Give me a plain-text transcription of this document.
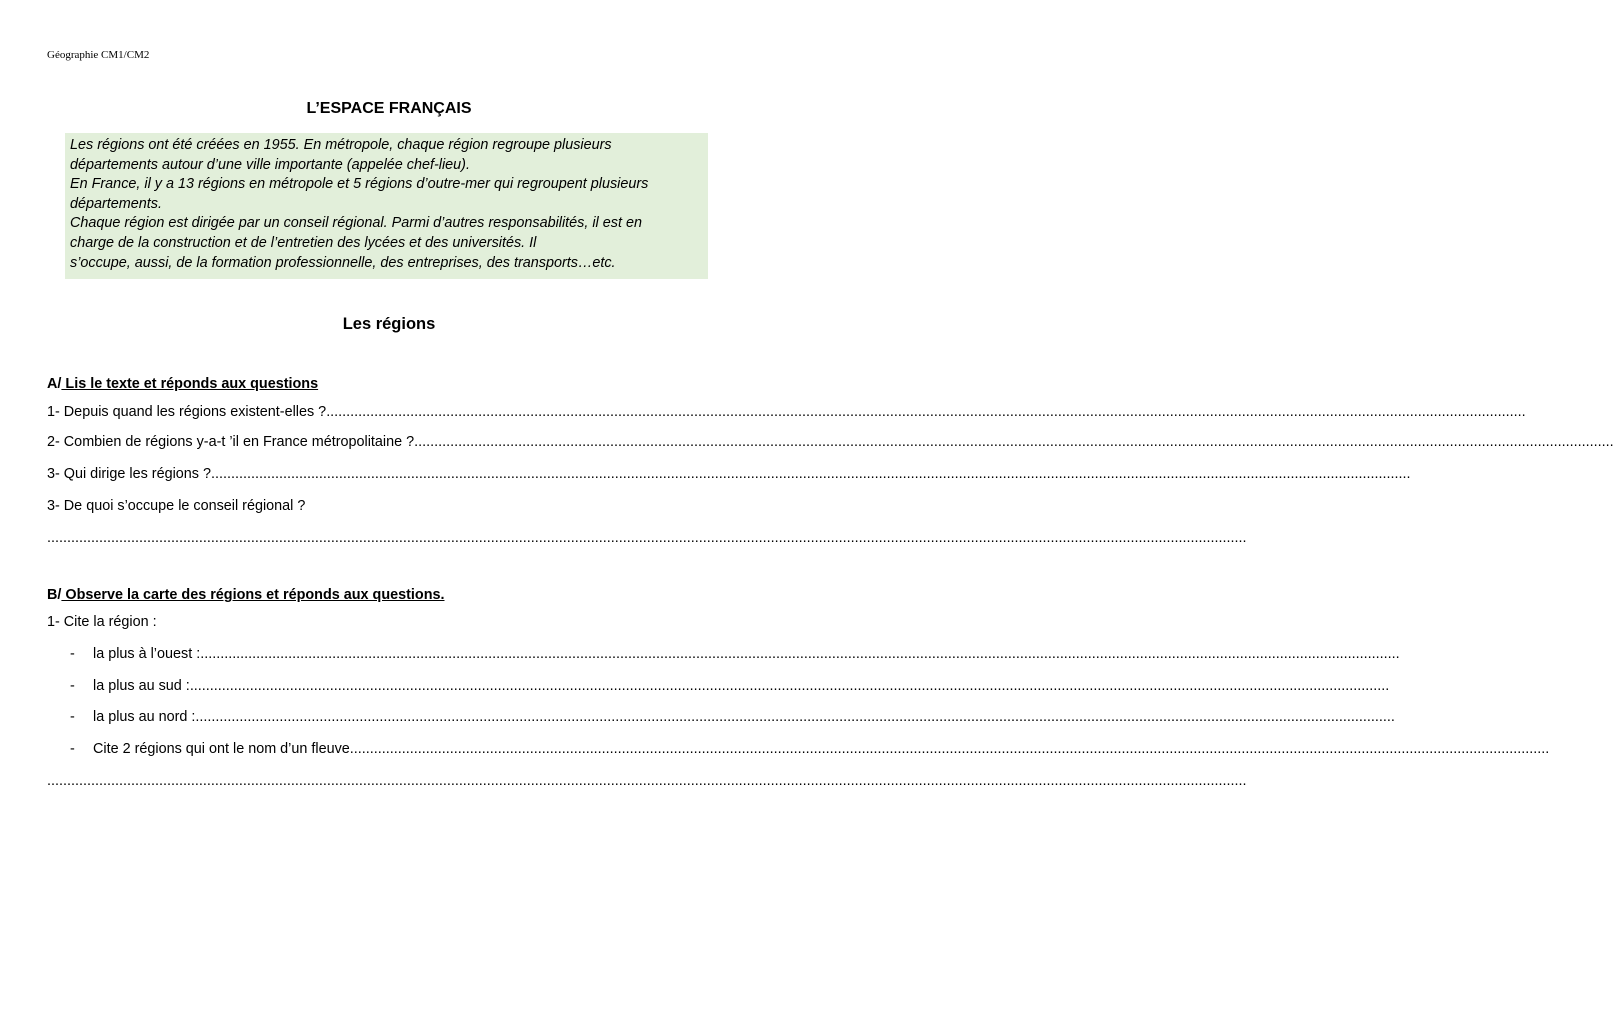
Géographie CM1/CM2
L’ESPACE FRANÇAIS
Les régions ont été créées en 1955. En métropole, chaque région regroupe plusieurs
départements autour d’une ville importante (appelée chef-lieu).
En France, il y a 13 régions en métropole et 5 régions d’outre-mer qui regroupent plusieurs
départements.
Chaque région est dirigée par un conseil régional. Parmi d’autres responsabilités, il est en
charge de la construction et de l’entretien des lycées et des universités. Il
s’occupe, aussi, de la formation professionnelle, des entreprises, des transports…etc.
Les régions
A/ Lis le texte et réponds aux questions
1- Depuis quand les régions existent-elles ? ............................................................................................................................................................................................................................................................................................................
2- Combien de régions y-a-t ’il en France métropolitaine ? ............................................................................................................................................................................................................................................................................................................
3- Qui dirige les régions ? ............................................................................................................................................................................................................................................................................................................
3- De quoi s’occupe le conseil régional ?
............................................................................................................................................................................................................................................................................................................
B/ Observe la carte des régions et réponds aux questions.
1- Cite la région :
-	la plus à l’ouest : ............................................................................................................................................................................................................................................................................................................
-	la plus au sud : ............................................................................................................................................................................................................................................................................................................
-	la plus au nord : ............................................................................................................................................................................................................................................................................................................
-	Cite 2 régions qui ont le nom d’un fleuve ............................................................................................................................................................................................................................................................................................................
............................................................................................................................................................................................................................................................................................................
